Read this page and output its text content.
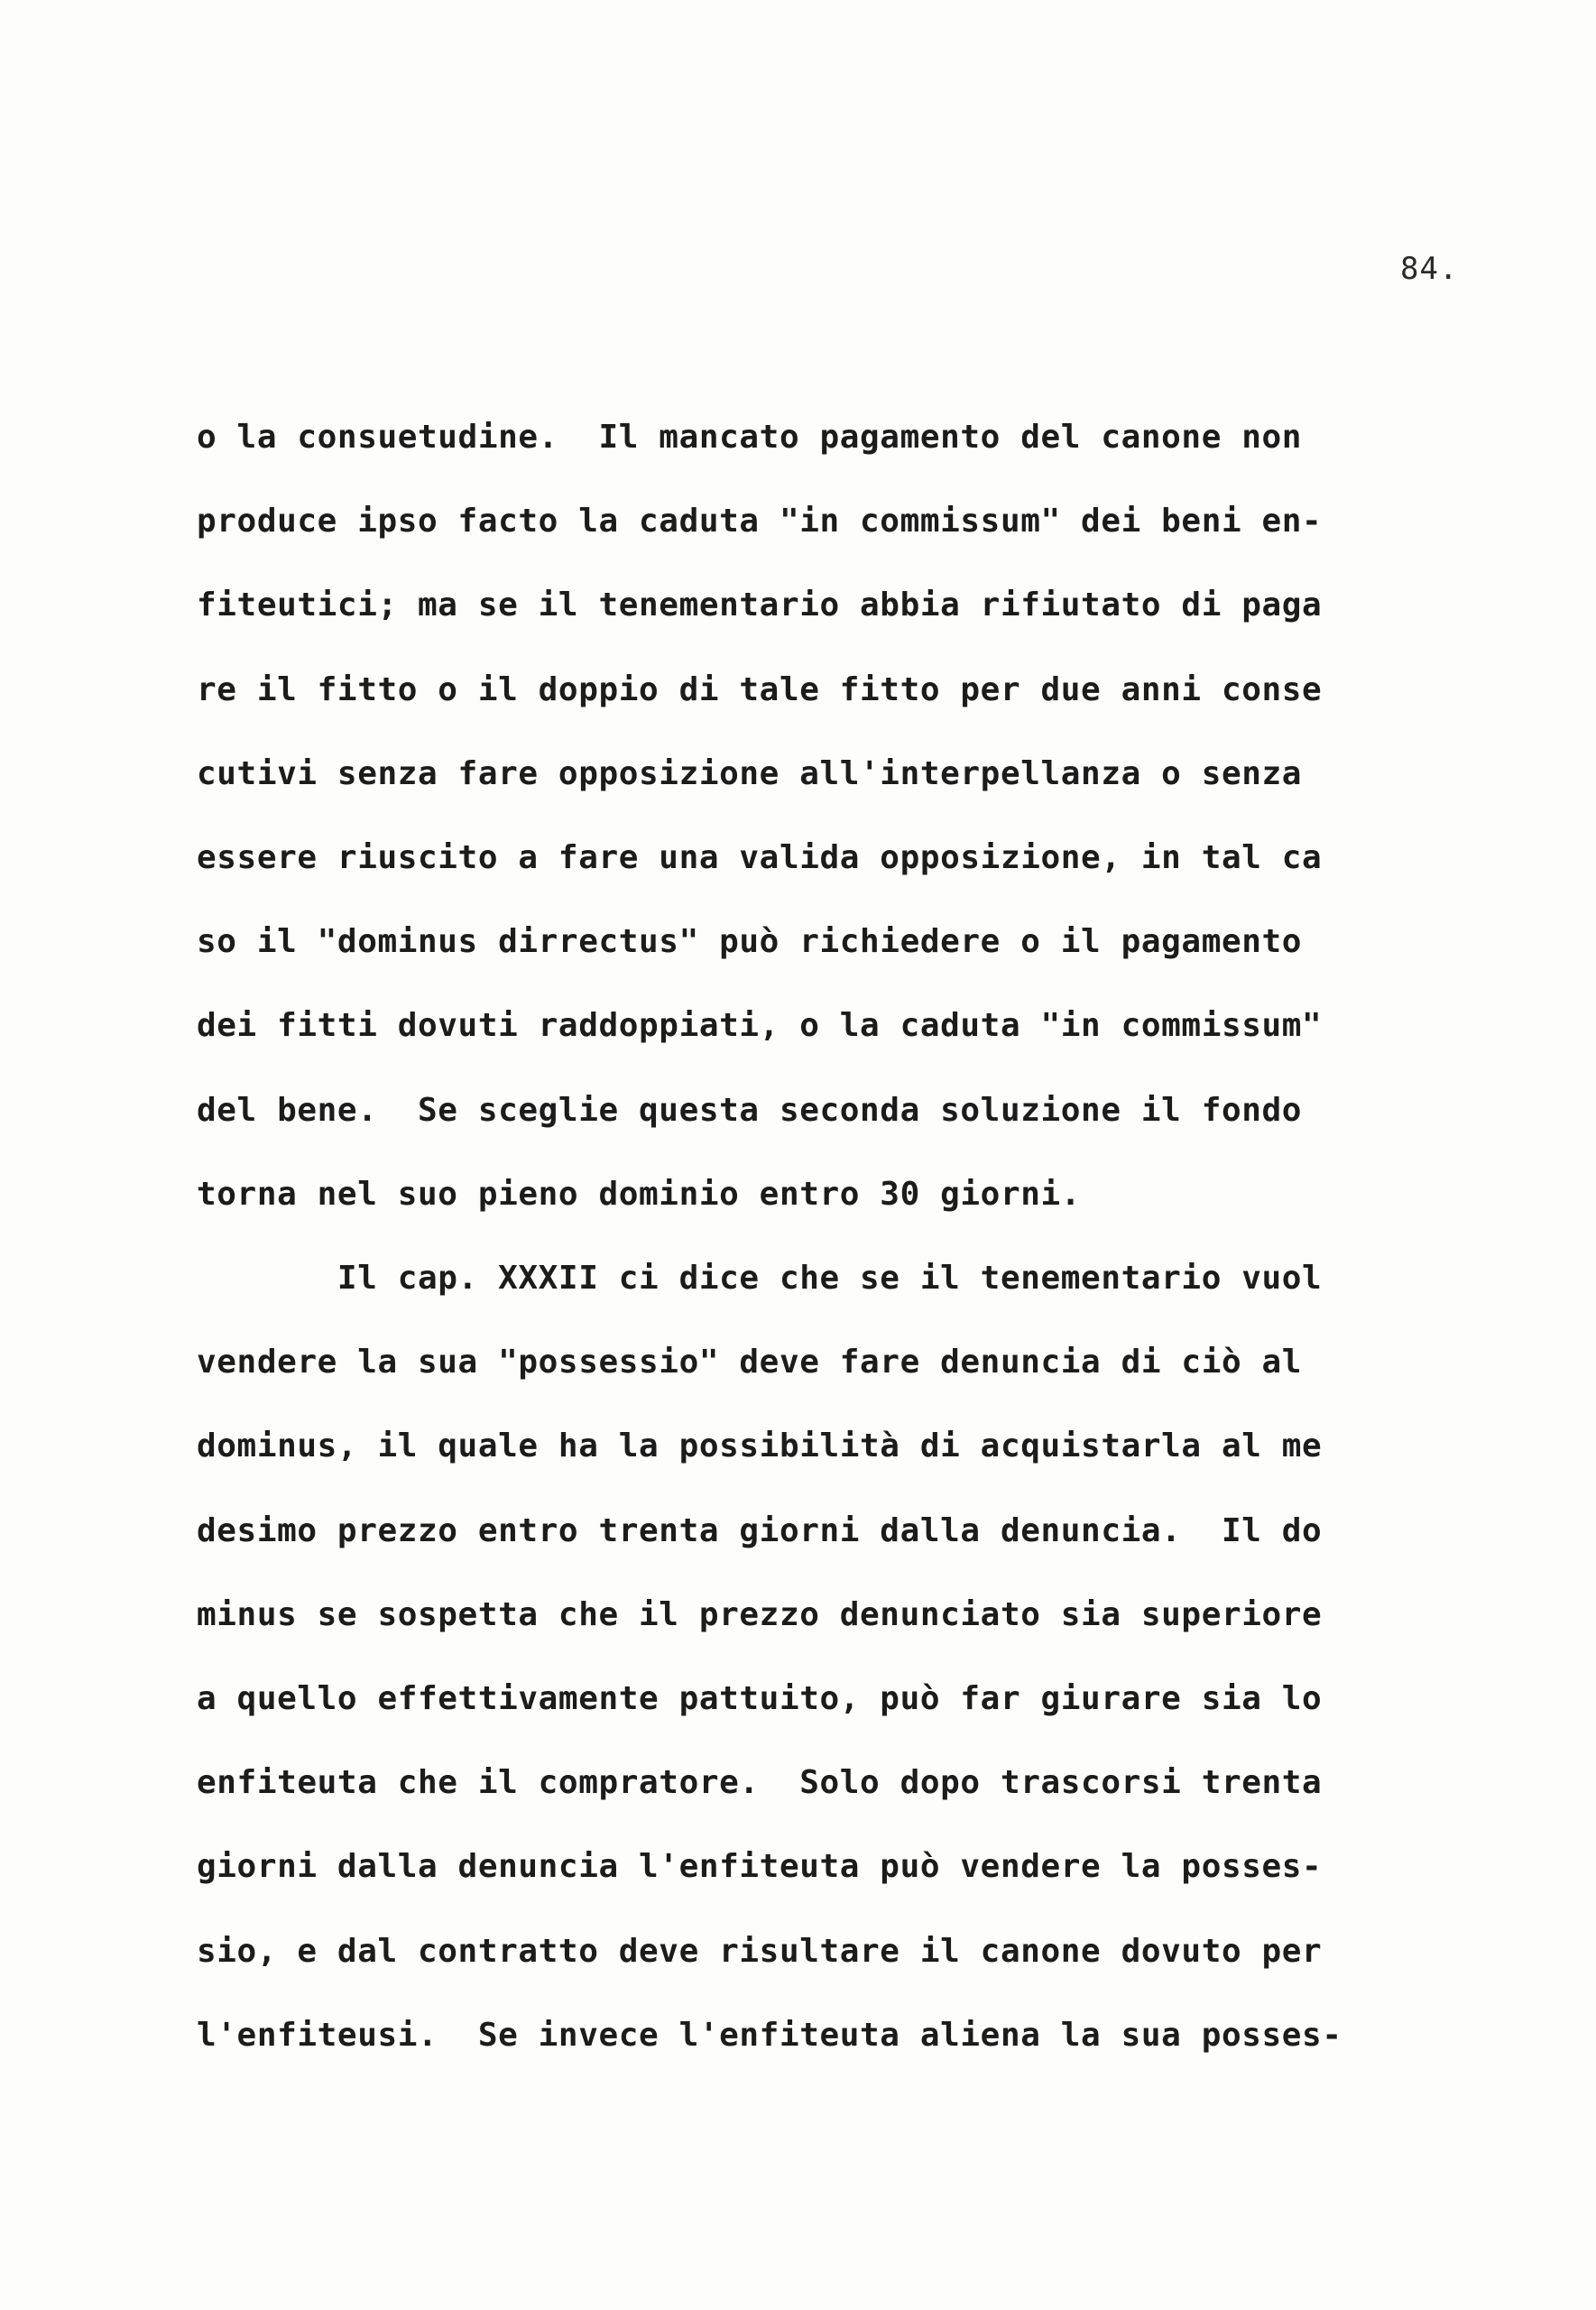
84.
o la consuetudine.  Il mancato pagamento del canone non
produce ipso facto la caduta "in commissum" dei beni en-
fiteutici; ma se il tenementario abbia rifiutato di paga
re il fitto o il doppio di tale fitto per due anni conse
cutivi senza fare opposizione all'interpellanza o senza
essere riuscito a fare una valida opposizione, in tal ca
so il "dominus dirrectus" può richiedere o il pagamento
dei fitti dovuti raddoppiati, o la caduta "in commissum"
del bene.  Se sceglie questa seconda soluzione il fondo
torna nel suo pieno dominio entro 30 giorni.
Il cap. XXXII ci dice che se il tenementario vuol
vendere la sua "possessio" deve fare denuncia di ciò al
dominus, il quale ha la possibilità di acquistarla al me
desimo prezzo entro trenta giorni dalla denuncia.  Il do
minus se sospetta che il prezzo denunciato sia superiore
a quello effettivamente pattuito, può far giurare sia lo
enfiteuta che il compratore.  Solo dopo trascorsi trenta
giorni dalla denuncia l'enfiteuta può vendere la posses-
sio, e dal contratto deve risultare il canone dovuto per
l'enfiteusi.  Se invece l'enfiteuta aliena la sua posses-
